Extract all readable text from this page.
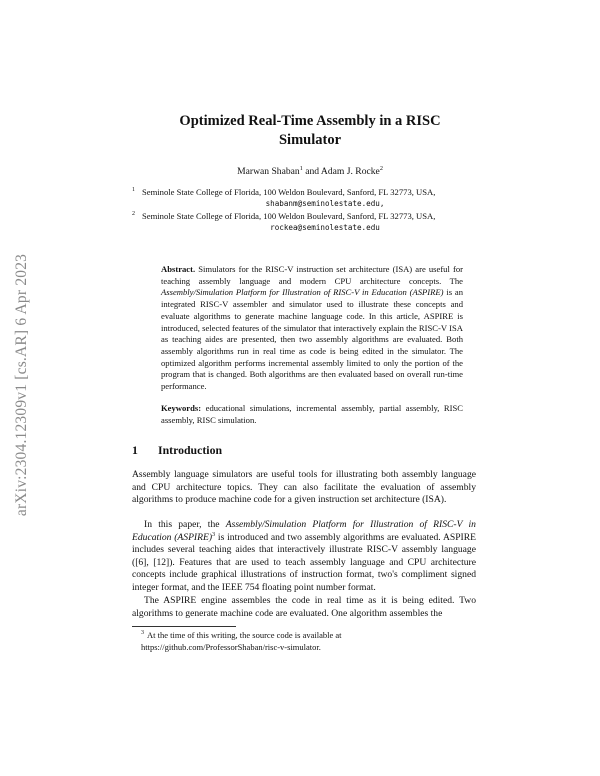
arXiv:2304.12309v1 [cs.AR] 6 Apr 2023
Optimized Real-Time Assembly in a RISC
Simulator
Marwan Shaban$^1$ and Adam J. Rocke$^2$
1 Seminole State College of Florida, 100 Weldon Boulevard, Sanford, FL 32773, USA,
shabanm@seminolestate.edu,
2 Seminole State College of Florida, 100 Weldon Boulevard, Sanford, FL 32773, USA,
rockea@seminolestate.edu
Abstract. Simulators for the RISC-V instruction set architecture (ISA) are useful for teaching assembly language and modern CPU architecture concepts. The Assembly/Simulation Platform for Illustration of RISC-V in Education (ASPIRE) is an integrated RISC-V assembler and simulator used to illustrate these concepts and evaluate algorithms to generate machine language code. In this article, ASPIRE is introduced, selected features of the simulator that interactively explain the RISC-V ISA as teaching aides are presented, then two assembly algorithms are evaluated. Both assembly algorithms run in real time as code is being edited in the simulator. The optimized algorithm performs incremental assembly limited to only the portion of the program that is changed. Both algorithms are then evaluated based on overall run-time performance.
Keywords: educational simulations, incremental assembly, partial assembly, RISC assembly, RISC simulation.
1 Introduction
Assembly language simulators are useful tools for illustrating both assembly language and CPU architecture topics. They can also facilitate the evaluation of assembly algorithms to produce machine code for a given instruction set architecture (ISA).
In this paper, the Assembly/Simulation Platform for Illustration of RISC-V in Education (ASPIRE)$^3$ is introduced and two assembly algorithms are evaluated. ASPIRE includes several teaching aides that interactively illustrate RISC-V assembly language ([6], [12]). Features that are used to teach assembly language and CPU architecture concepts include graphical illustrations of instruction format, two's compliment signed integer format, and the IEEE 754 floating point number format.
The ASPIRE engine assembles the code in real time as it is being edited. Two algorithms to generate machine code are evaluated. One algorithm assembles the
$^3$ At the time of this writing, the source code is available at https://github.com/ProfessorShaban/risc-v-simulator.
